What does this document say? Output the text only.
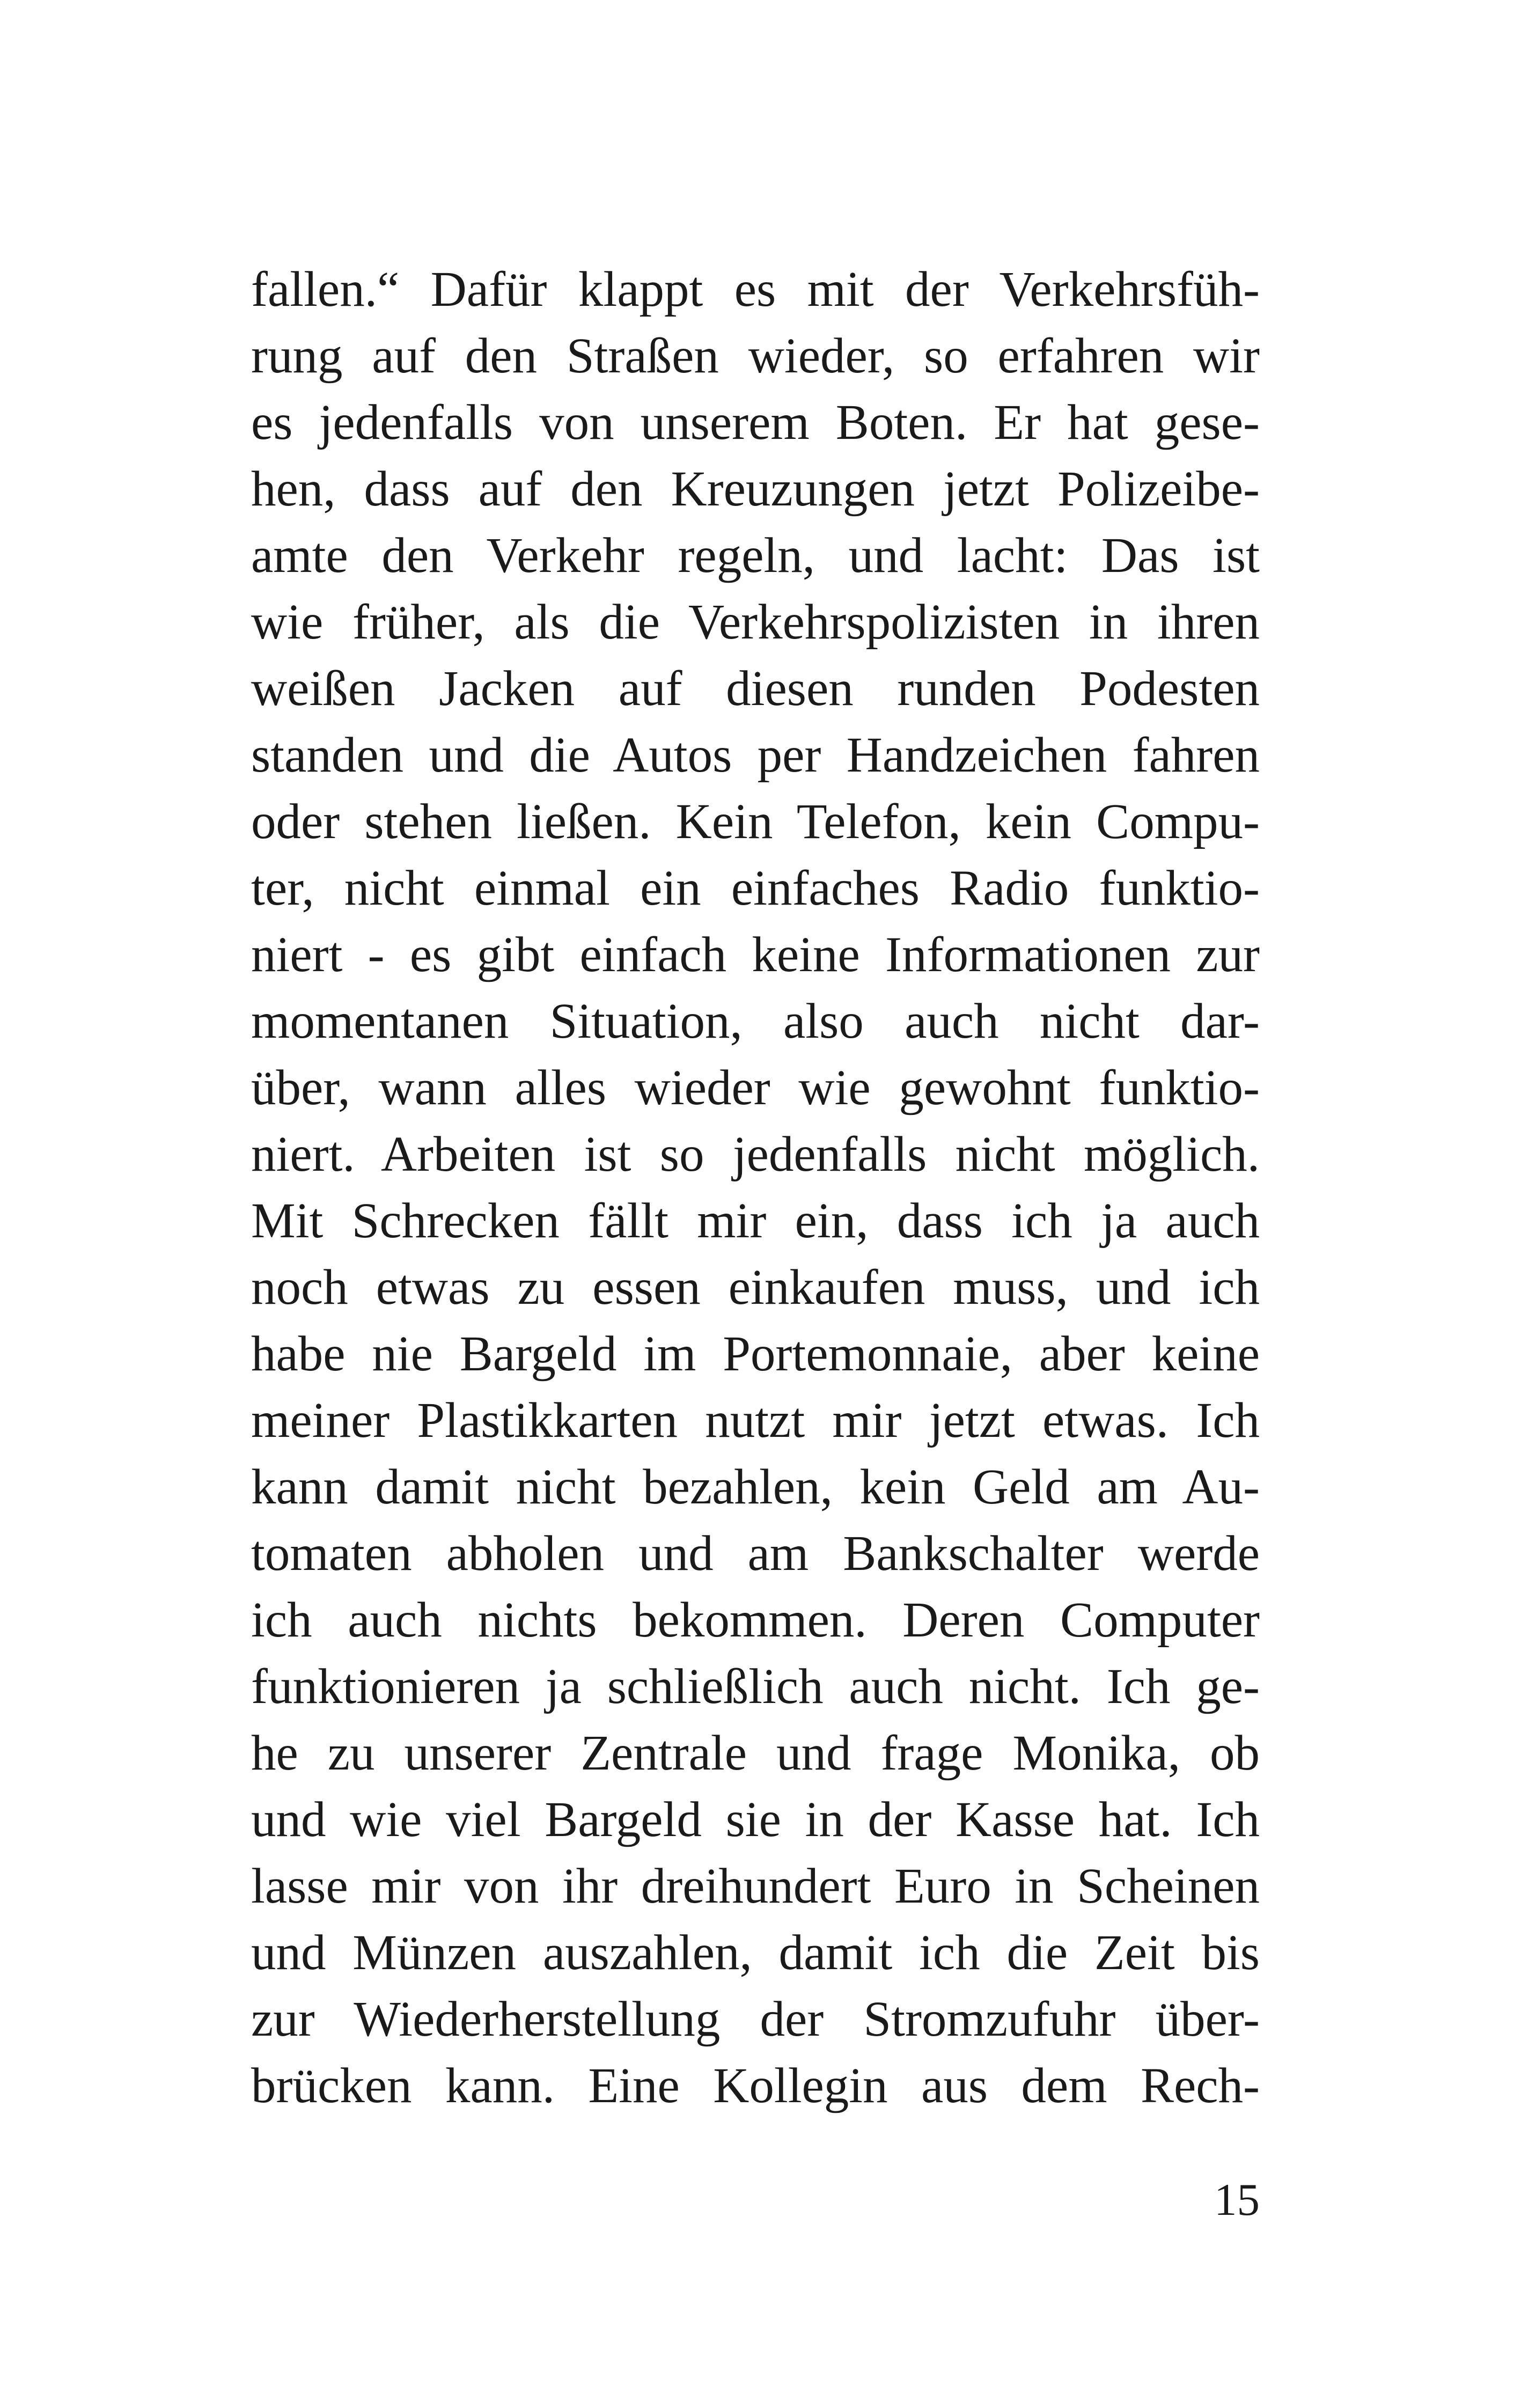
fallen.“ Dafür klappt es mit der Verkehrsfüh-
rung auf den Straßen wieder, so erfahren wir
es jedenfalls von unserem Boten. Er hat gese-
hen, dass auf den Kreuzungen jetzt Polizeibe-
amte den Verkehr regeln, und lacht: Das ist
wie früher, als die Verkehrspolizisten in ihren
weißen Jacken auf diesen runden Podesten
standen und die Autos per Handzeichen fahren
oder stehen ließen. Kein Telefon, kein Compu-
ter, nicht einmal ein einfaches Radio funktio-
niert - es gibt einfach keine Informationen zur
momentanen Situation, also auch nicht dar-
über, wann alles wieder wie gewohnt funktio-
niert. Arbeiten ist so jedenfalls nicht möglich.
Mit Schrecken fällt mir ein, dass ich ja auch
noch etwas zu essen einkaufen muss, und ich
habe nie Bargeld im Portemonnaie, aber keine
meiner Plastikkarten nutzt mir jetzt etwas. Ich
kann damit nicht bezahlen, kein Geld am Au-
tomaten abholen und am Bankschalter werde
ich auch nichts bekommen. Deren Computer
funktionieren ja schließlich auch nicht. Ich ge-
he zu unserer Zentrale und frage Monika, ob
und wie viel Bargeld sie in der Kasse hat. Ich
lasse mir von ihr dreihundert Euro in Scheinen
und Münzen auszahlen, damit ich die Zeit bis
zur Wiederherstellung der Stromzufuhr über-
brücken kann. Eine Kollegin aus dem Rech-
15
